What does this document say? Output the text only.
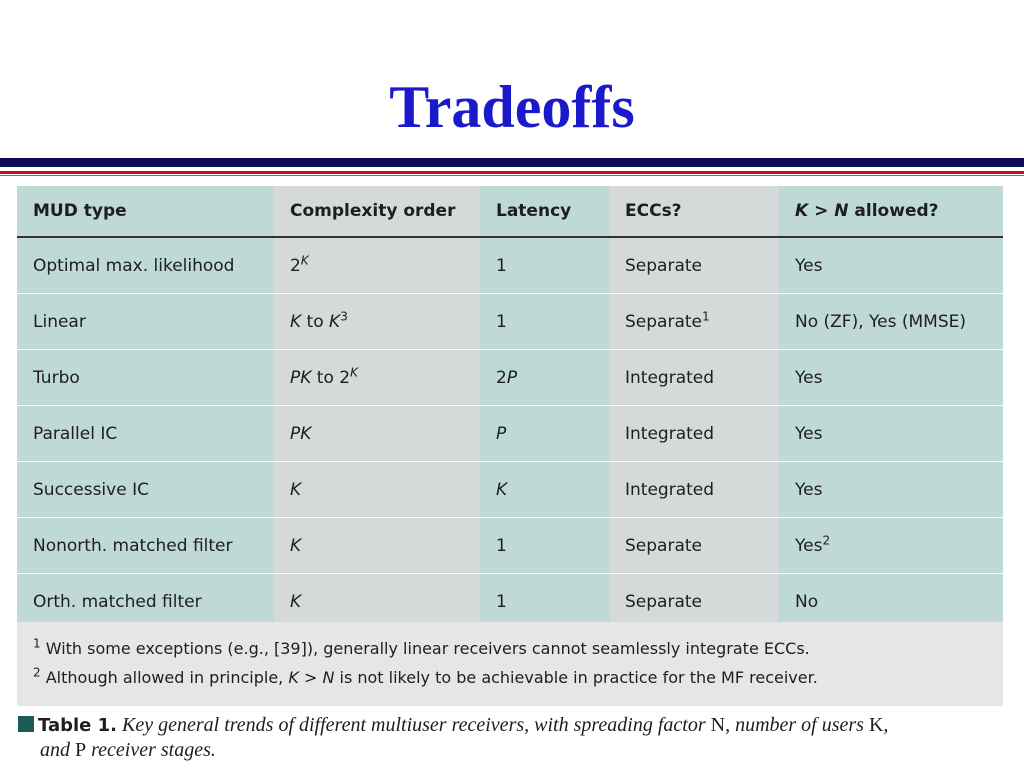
Tradeoffs
MUD type	Complexity order	Latency	ECCs?	K > N allowed?
Optimal max. likelihood	$2^K$	1	Separate	Yes
Linear	K to $K^3$	1	Separate$^1$	No (ZF), Yes (MMSE)
Turbo	PK to $2^K$	2P	Integrated	Yes
Parallel IC	PK	P	Integrated	Yes
Successive IC	K	K	Integrated	Yes
Nonorth. matched filter	K	1	Separate	Yes$^2$
Orth. matched filter	K	1	Separate	No
$^1$ With some exceptions (e.g., [39]), generally linear receivers cannot seamlessly integrate ECCs.
$^2$ Although allowed in principle, K > N is not likely to be achievable in practice for the MF receiver.
Table 1. Key general trends of different multiuser receivers, with spreading factor N, number of users K,
and P receiver stages.
